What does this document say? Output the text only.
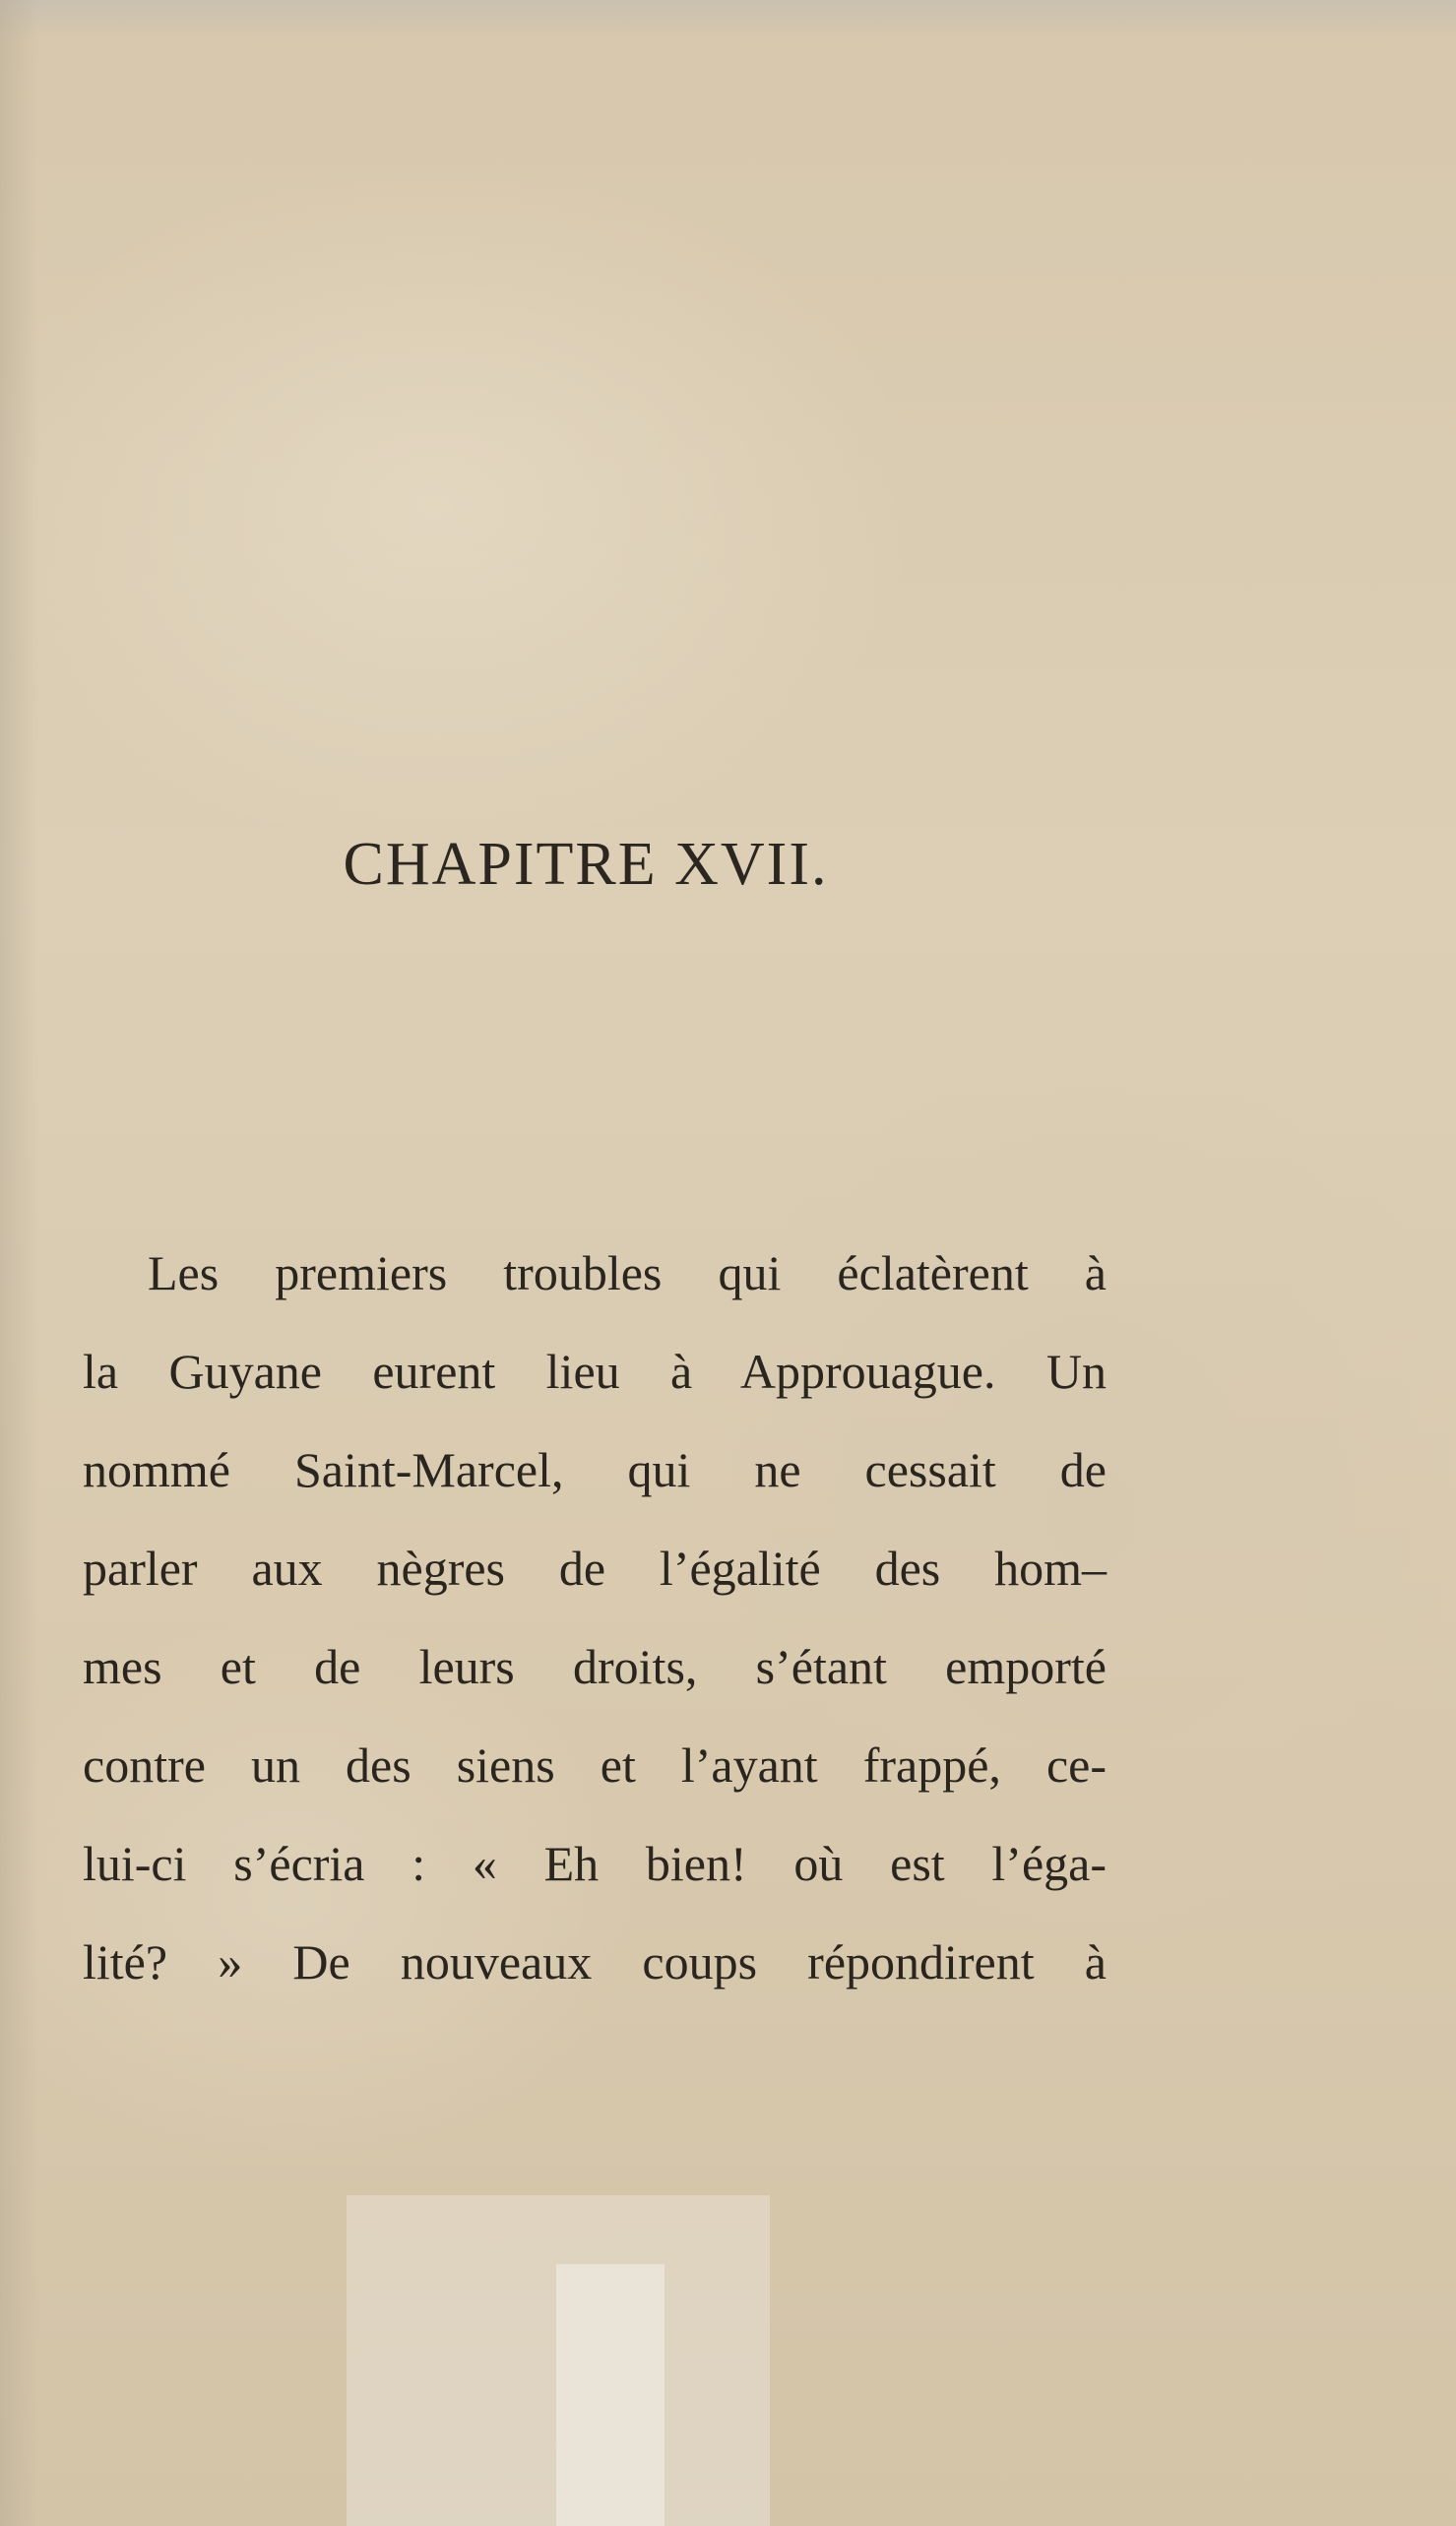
CHAPITRE XVII.
Les premiers troubles qui éclatèrent à
la Guyane eurent lieu à Approuague. Un
nommé Saint-Marcel, qui ne cessait de
parler aux nègres de l’égalité des hom–
mes et de leurs droits, s’étant emporté
contre un des siens et l’ayant frappé, ce-
lui-ci s’écria : « Eh bien! où est l’éga-
lité? » De nouveaux coups répondirent à
